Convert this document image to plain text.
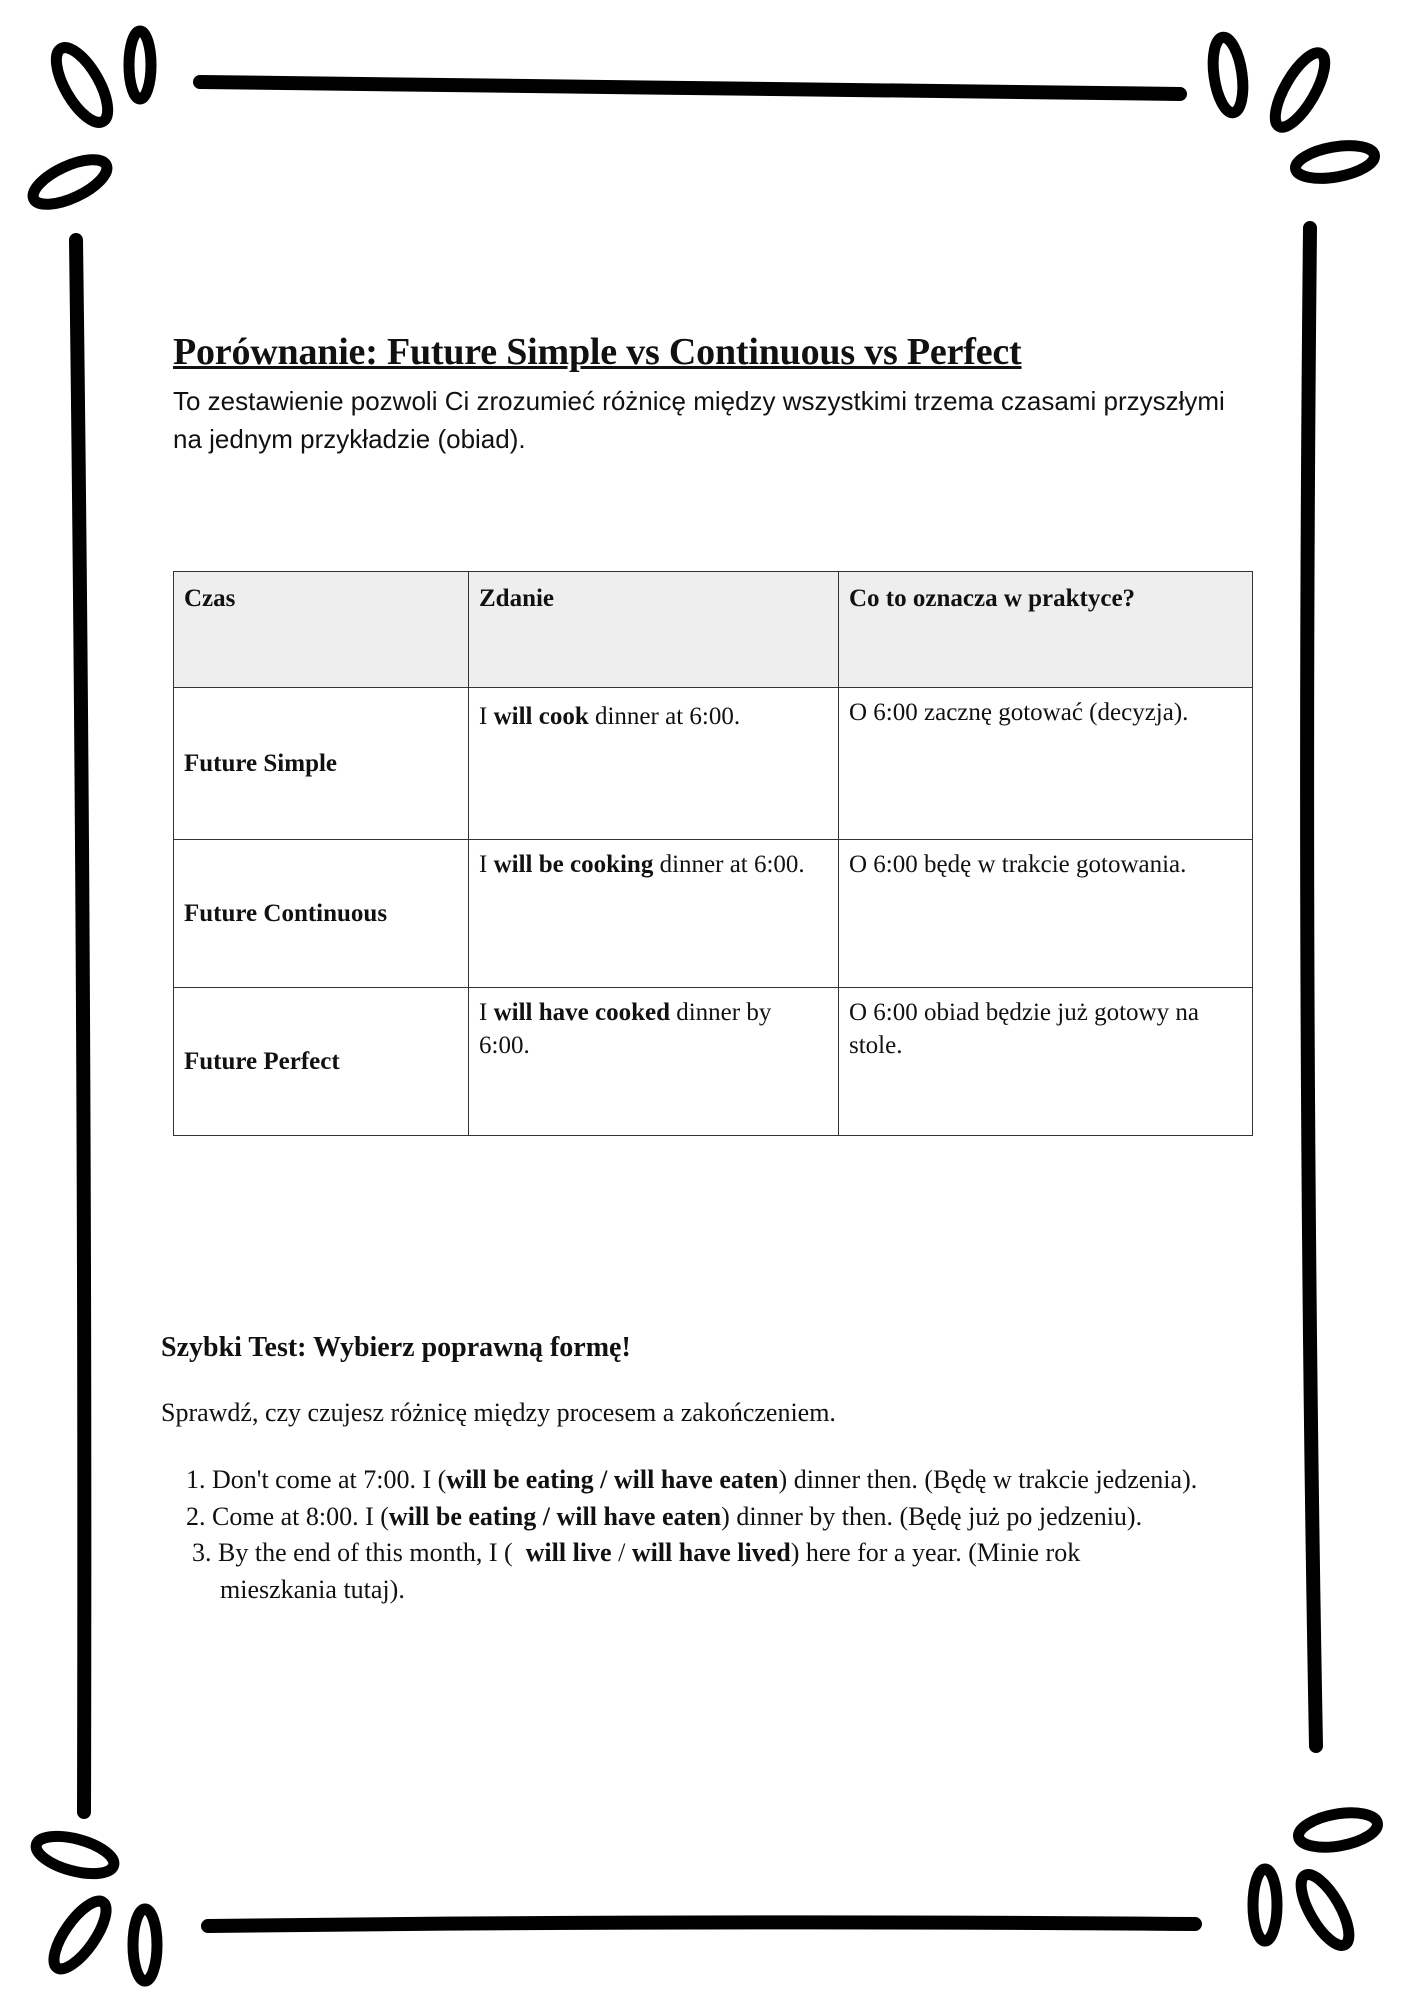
Porównanie: Future Simple vs Continuous vs Perfect

To zestawienie pozwoli Ci zrozumieć różnicę między wszystkimi trzema czasami przyszłymi na jednym przykładzie (obiad).

Czas	Zdanie	Co to oznacza w praktyce?
Future Simple	I will cook dinner at 6:00.	O 6:00 zacznę gotować (decyzja).
Future Continuous	I will be cooking dinner at 6:00.	O 6:00 będę w trakcie gotowania.
Future Perfect	I will have cooked dinner by 6:00.	O 6:00 obiad będzie już gotowy na stole.
Szybki Test: Wybierz poprawną formę!

Sprawdź, czy czujesz różnicę między procesem a zakończeniem.

1. Don't come at 7:00. I (will be eating / will have eaten) dinner then. (Będę w trakcie jedzenia).
2. Come at 8:00. I (will be eating / will have eaten) dinner by then. (Będę już po jedzeniu).
3. By the end of this month, I (  will live / will have lived) here for a year. (Minie rok mieszkania tutaj).
